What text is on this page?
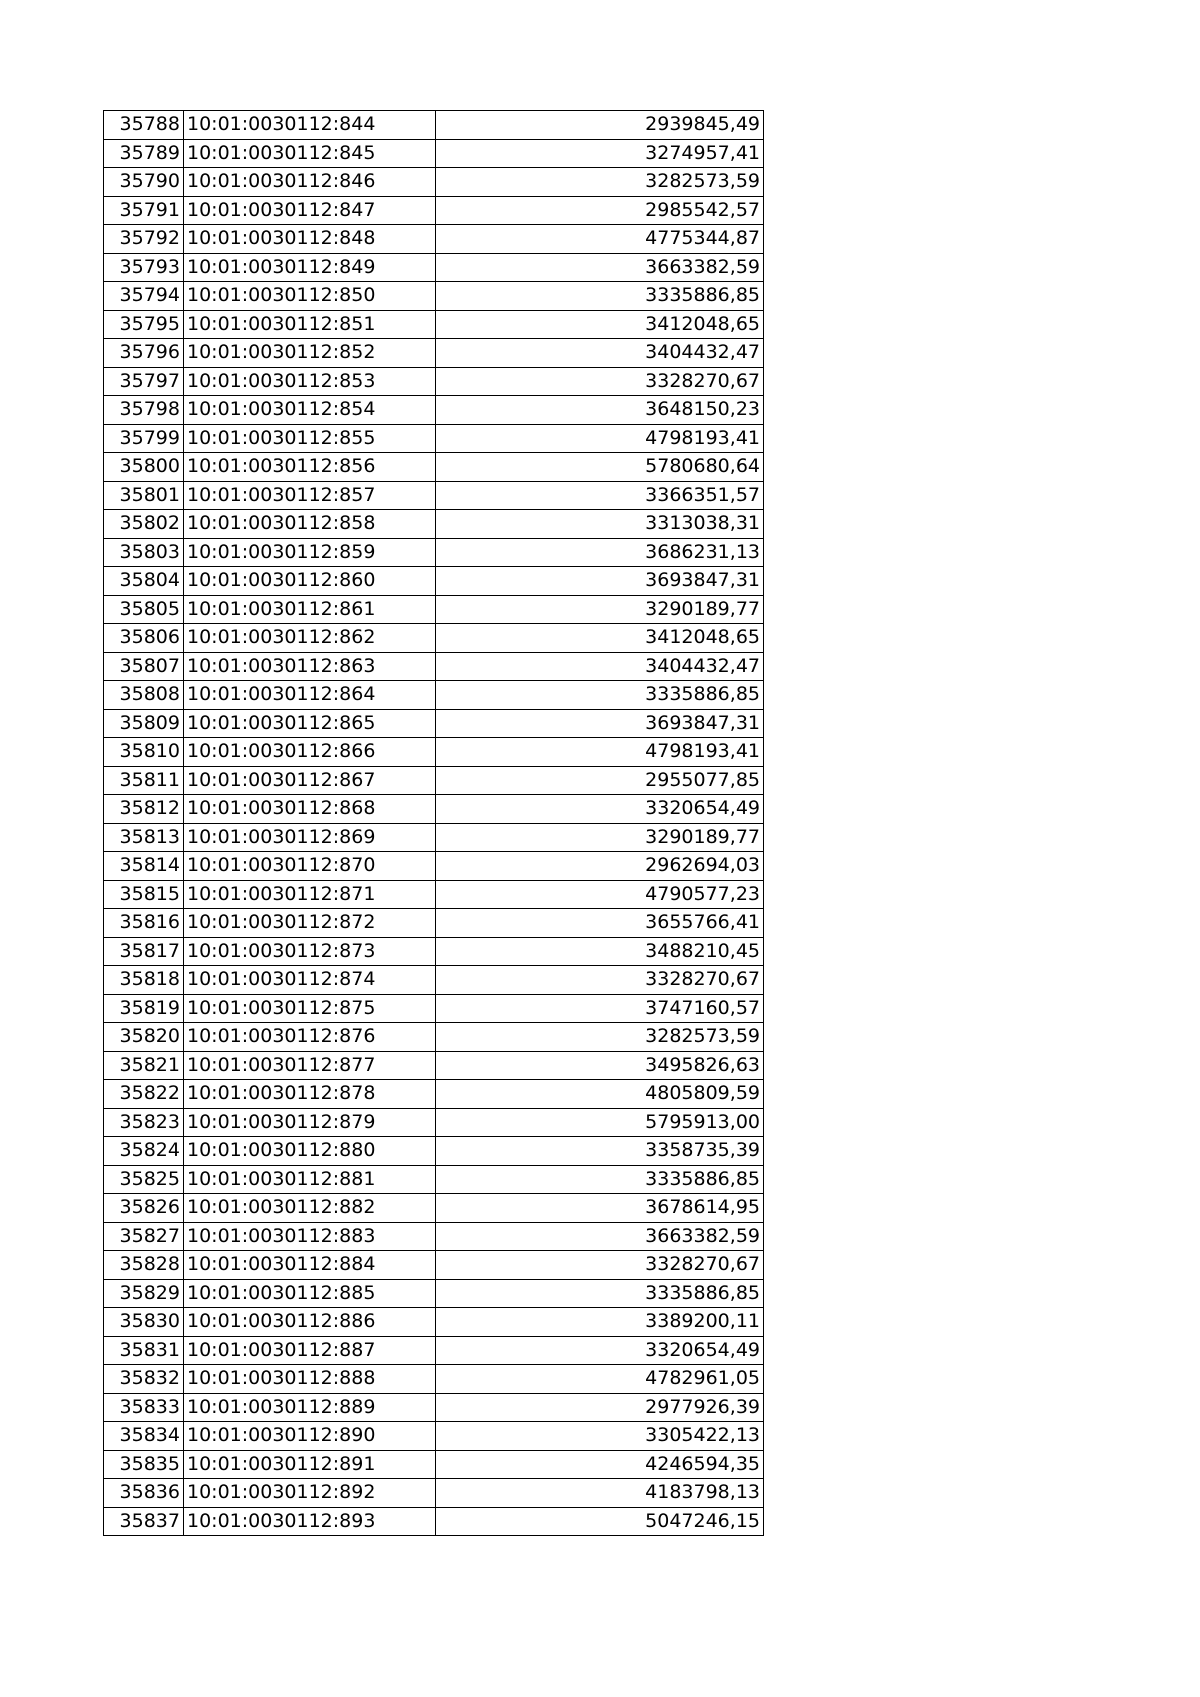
35788	10:01:0030112:844	2939845,49
35789	10:01:0030112:845	3274957,41
35790	10:01:0030112:846	3282573,59
35791	10:01:0030112:847	2985542,57
35792	10:01:0030112:848	4775344,87
35793	10:01:0030112:849	3663382,59
35794	10:01:0030112:850	3335886,85
35795	10:01:0030112:851	3412048,65
35796	10:01:0030112:852	3404432,47
35797	10:01:0030112:853	3328270,67
35798	10:01:0030112:854	3648150,23
35799	10:01:0030112:855	4798193,41
35800	10:01:0030112:856	5780680,64
35801	10:01:0030112:857	3366351,57
35802	10:01:0030112:858	3313038,31
35803	10:01:0030112:859	3686231,13
35804	10:01:0030112:860	3693847,31
35805	10:01:0030112:861	3290189,77
35806	10:01:0030112:862	3412048,65
35807	10:01:0030112:863	3404432,47
35808	10:01:0030112:864	3335886,85
35809	10:01:0030112:865	3693847,31
35810	10:01:0030112:866	4798193,41
35811	10:01:0030112:867	2955077,85
35812	10:01:0030112:868	3320654,49
35813	10:01:0030112:869	3290189,77
35814	10:01:0030112:870	2962694,03
35815	10:01:0030112:871	4790577,23
35816	10:01:0030112:872	3655766,41
35817	10:01:0030112:873	3488210,45
35818	10:01:0030112:874	3328270,67
35819	10:01:0030112:875	3747160,57
35820	10:01:0030112:876	3282573,59
35821	10:01:0030112:877	3495826,63
35822	10:01:0030112:878	4805809,59
35823	10:01:0030112:879	5795913,00
35824	10:01:0030112:880	3358735,39
35825	10:01:0030112:881	3335886,85
35826	10:01:0030112:882	3678614,95
35827	10:01:0030112:883	3663382,59
35828	10:01:0030112:884	3328270,67
35829	10:01:0030112:885	3335886,85
35830	10:01:0030112:886	3389200,11
35831	10:01:0030112:887	3320654,49
35832	10:01:0030112:888	4782961,05
35833	10:01:0030112:889	2977926,39
35834	10:01:0030112:890	3305422,13
35835	10:01:0030112:891	4246594,35
35836	10:01:0030112:892	4183798,13
35837	10:01:0030112:893	5047246,15
